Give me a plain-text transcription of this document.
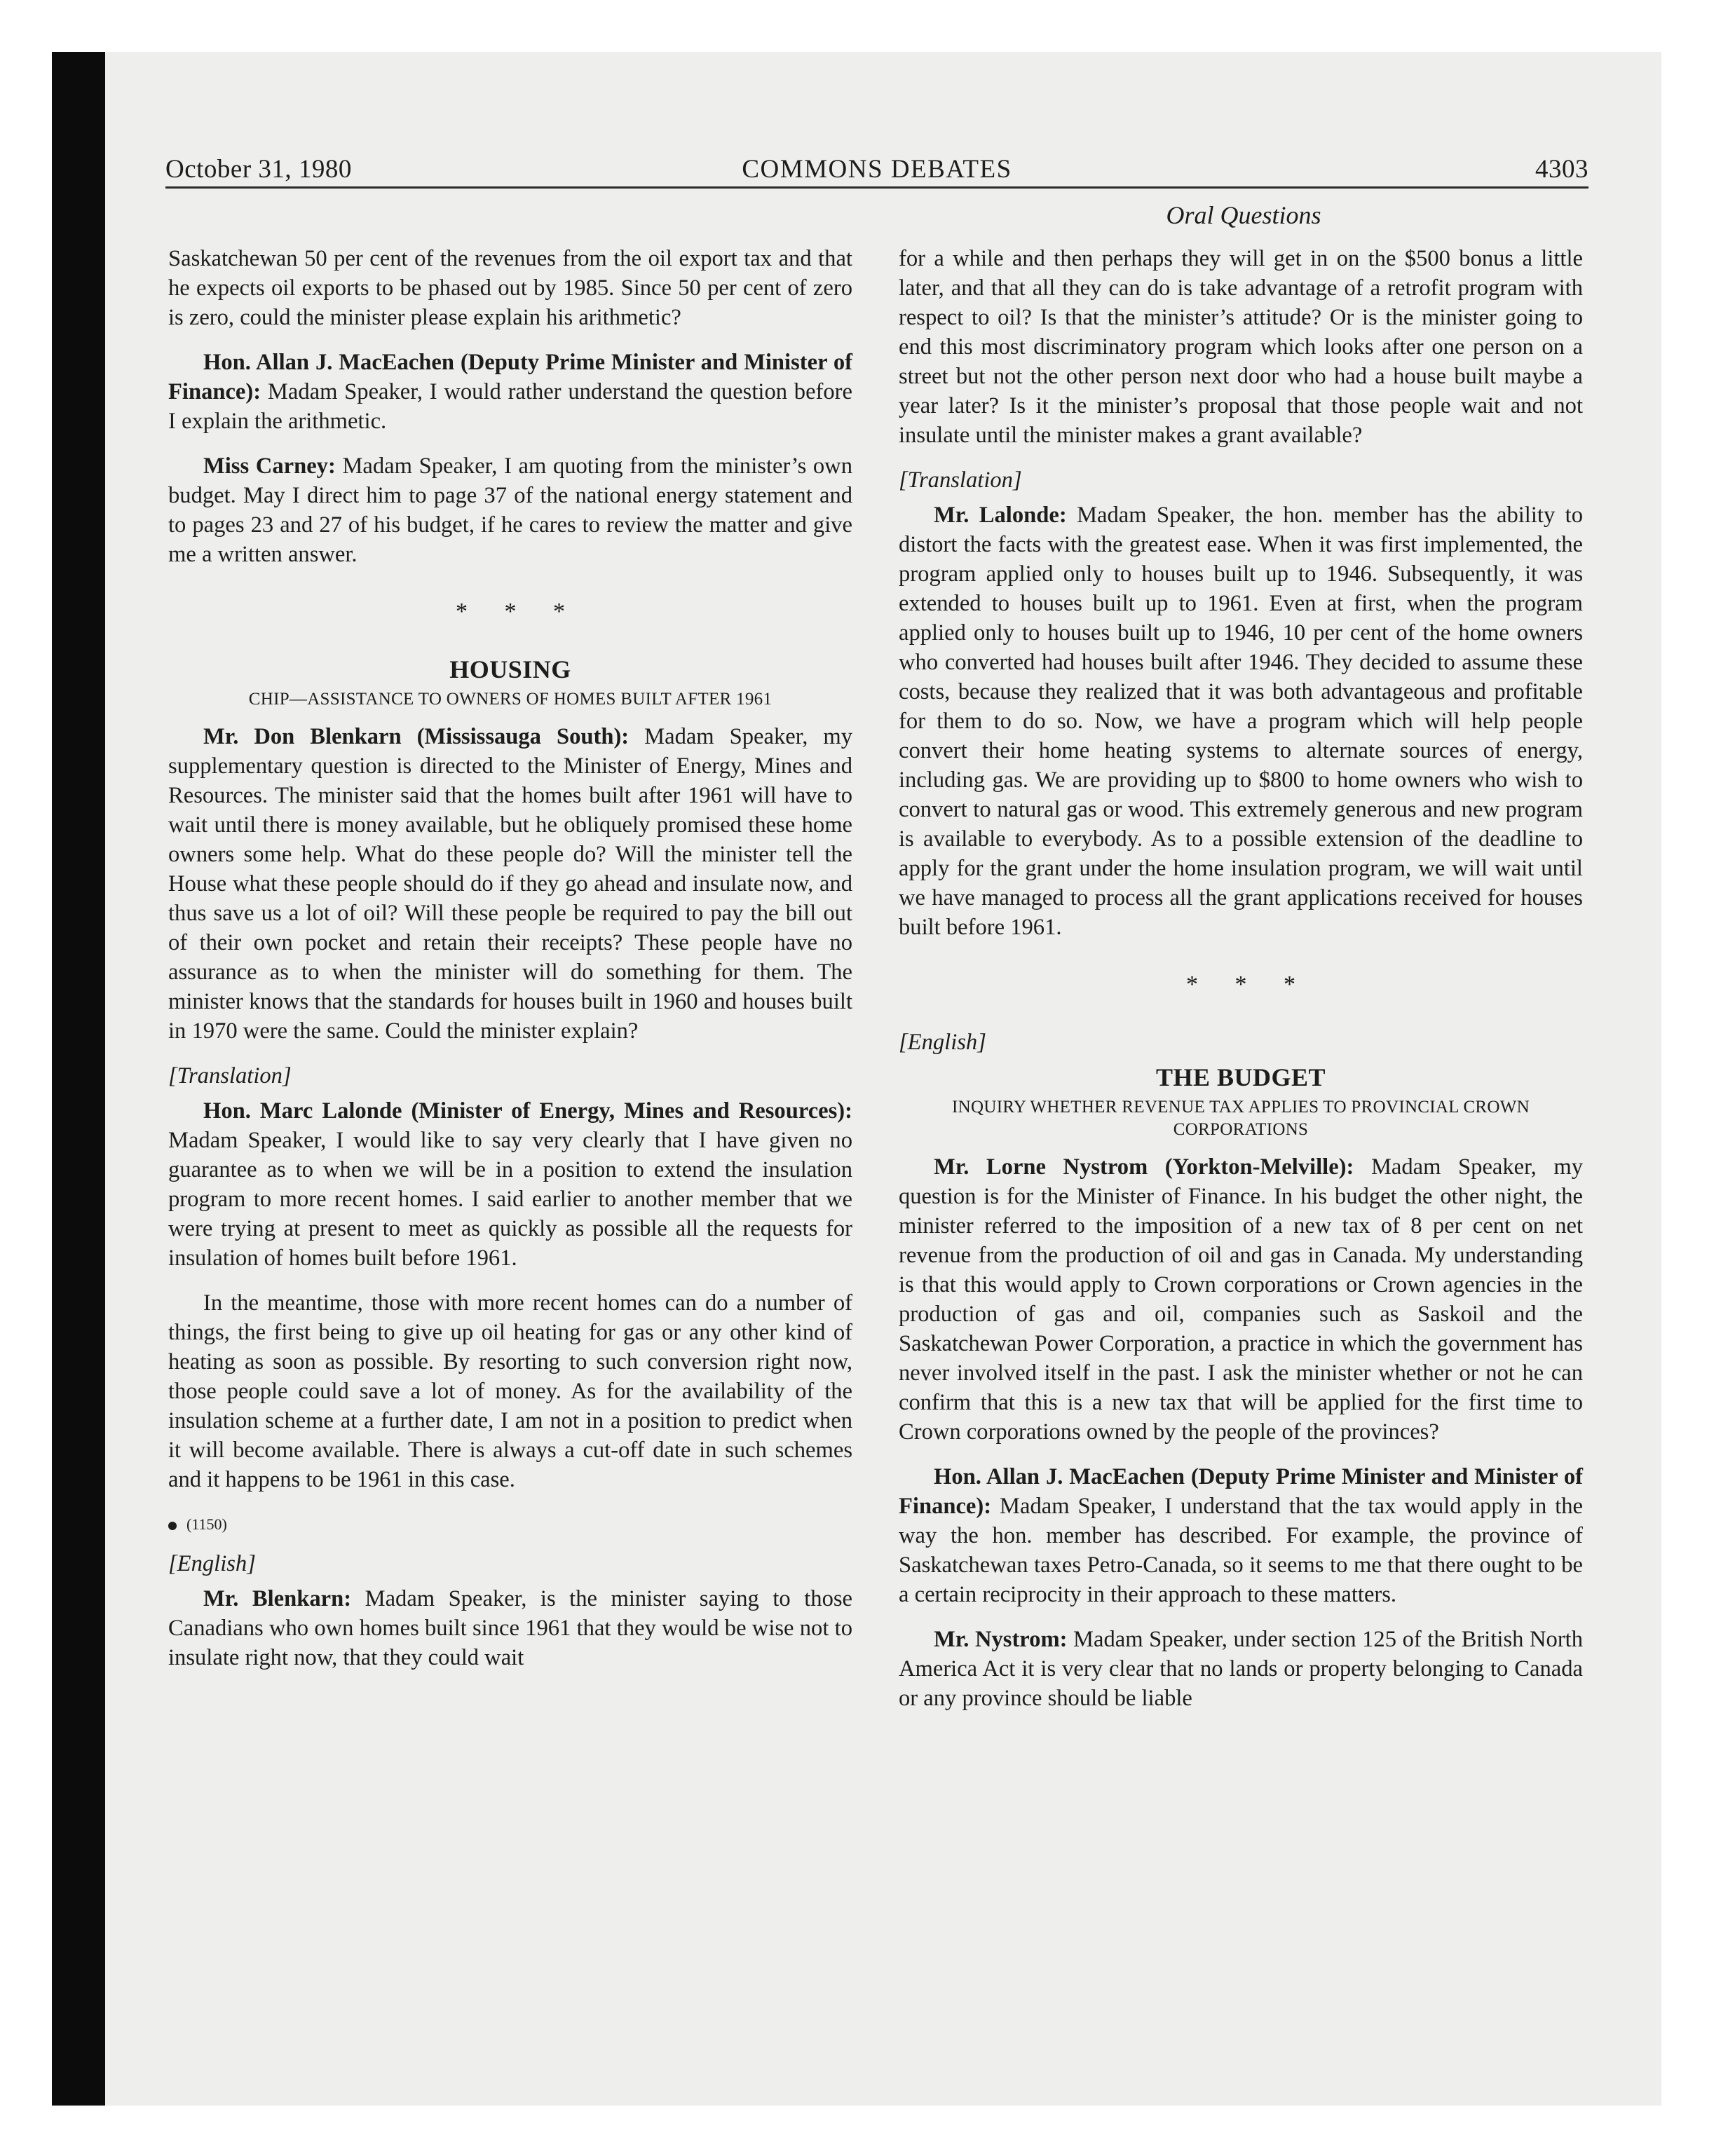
October 31, 1980	COMMONS DEBATES	4303
Oral Questions

Saskatchewan 50 per cent of the revenues from the oil export tax and that he expects oil exports to be phased out by 1985. Since 50 per cent of zero is zero, could the minister please explain his arithmetic?

Hon. Allan J. MacEachen (Deputy Prime Minister and Minister of Finance): Madam Speaker, I would rather understand the question before I explain the arithmetic.

Miss Carney: Madam Speaker, I am quoting from the minister’s own budget. May I direct him to page 37 of the national energy statement and to pages 23 and 27 of his budget, if he cares to review the matter and give me a written answer.

* * *
HOUSING
CHIP—ASSISTANCE TO OWNERS OF HOMES BUILT AFTER 1961

Mr. Don Blenkarn (Mississauga South): Madam Speaker, my supplementary question is directed to the Minister of Energy, Mines and Resources. The minister said that the homes built after 1961 will have to wait until there is money available, but he obliquely promised these home owners some help. What do these people do? Will the minister tell the House what these people should do if they go ahead and insulate now, and thus save us a lot of oil? Will these people be required to pay the bill out of their own pocket and retain their receipts? These people have no assurance as to when the minister will do something for them. The minister knows that the standards for houses built in 1960 and houses built in 1970 were the same. Could the minister explain?

[Translation]

Hon. Marc Lalonde (Minister of Energy, Mines and Resources): Madam Speaker, I would like to say very clearly that I have given no guarantee as to when we will be in a position to extend the insulation program to more recent homes. I said earlier to another member that we were trying at present to meet as quickly as possible all the requests for insulation of homes built before 1961.

In the meantime, those with more recent homes can do a number of things, the first being to give up oil heating for gas or any other kind of heating as soon as possible. By resorting to such conversion right now, those people could save a lot of money. As for the availability of the insulation scheme at a further date, I am not in a position to predict when it will become available. There is always a cut-off date in such schemes and it happens to be 1961 in this case.

(1150)
[English]

Mr. Blenkarn: Madam Speaker, is the minister saying to those Canadians who own homes built since 1961 that they would be wise not to insulate right now, that they could wait

for a while and then perhaps they will get in on the $500 bonus a little later, and that all they can do is take advantage of a retrofit program with respect to oil? Is that the minister’s attitude? Or is the minister going to end this most discriminatory program which looks after one person on a street but not the other person next door who had a house built maybe a year later? Is it the minister’s proposal that those people wait and not insulate until the minister makes a grant available?

[Translation]

Mr. Lalonde: Madam Speaker, the hon. member has the ability to distort the facts with the greatest ease. When it was first implemented, the program applied only to houses built up to 1946. Subsequently, it was extended to houses built up to 1961. Even at first, when the program applied only to houses built up to 1946, 10 per cent of the home owners who converted had houses built after 1946. They decided to assume these costs, because they realized that it was both advantageous and profitable for them to do so. Now, we have a program which will help people convert their home heating systems to alternate sources of energy, including gas. We are providing up to $800 to home owners who wish to convert to natural gas or wood. This extremely generous and new program is available to everybody. As to a possible extension of the deadline to apply for the grant under the home insulation program, we will wait until we have managed to process all the grant applications received for houses built before 1961.

* * *
[English]
THE BUDGET
INQUIRY WHETHER REVENUE TAX APPLIES TO PROVINCIAL CROWN CORPORATIONS

Mr. Lorne Nystrom (Yorkton-Melville): Madam Speaker, my question is for the Minister of Finance. In his budget the other night, the minister referred to the imposition of a new tax of 8 per cent on net revenue from the production of oil and gas in Canada. My understanding is that this would apply to Crown corporations or Crown agencies in the production of gas and oil, companies such as Saskoil and the Saskatchewan Power Corporation, a practice in which the government has never involved itself in the past. I ask the minister whether or not he can confirm that this is a new tax that will be applied for the first time to Crown corporations owned by the people of the provinces?

Hon. Allan J. MacEachen (Deputy Prime Minister and Minister of Finance): Madam Speaker, I understand that the tax would apply in the way the hon. member has described. For example, the province of Saskatchewan taxes Petro-Canada, so it seems to me that there ought to be a certain reciprocity in their approach to these matters.

Mr. Nystrom: Madam Speaker, under section 125 of the British North America Act it is very clear that no lands or property belonging to Canada or any province should be liable
